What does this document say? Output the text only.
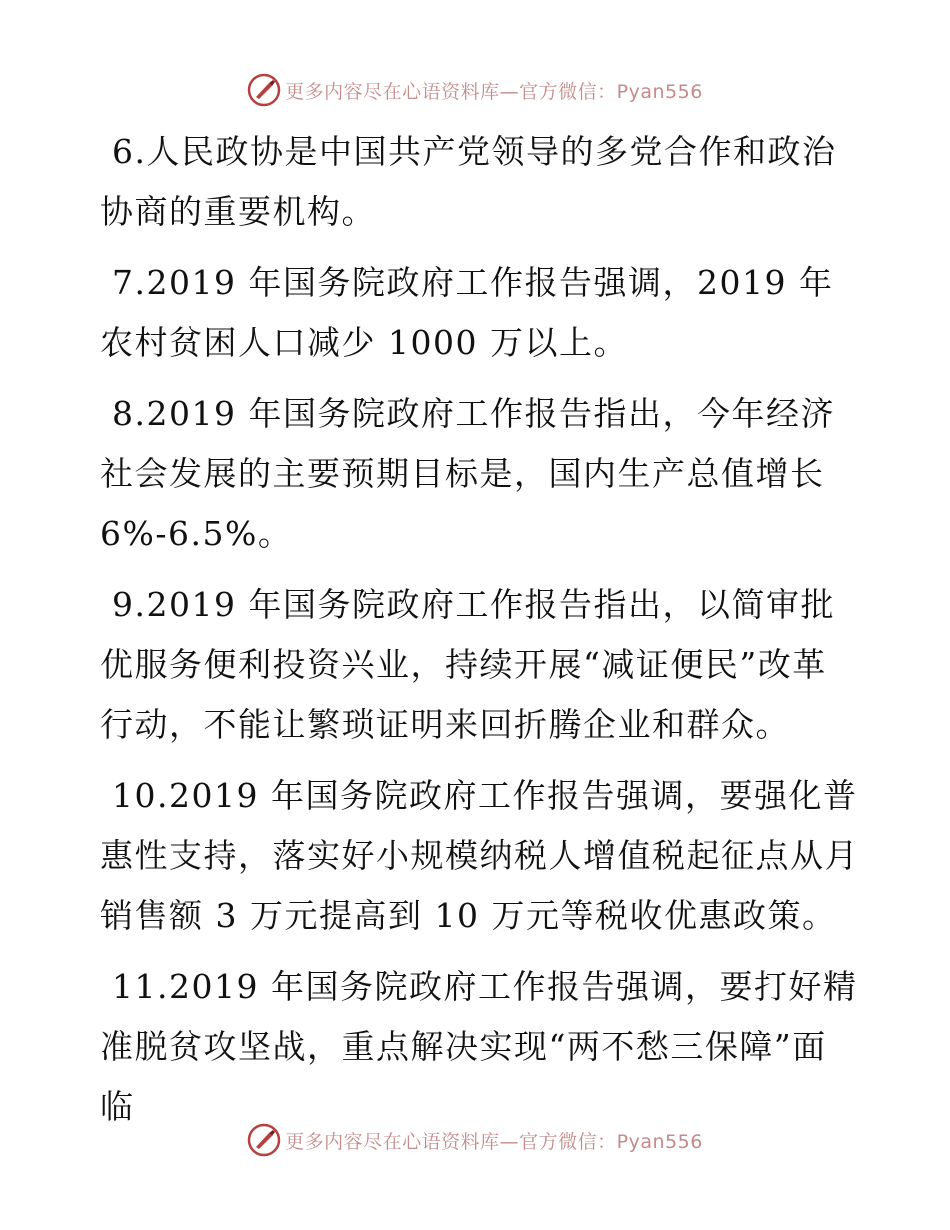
更多内容尽在心语资料库—官方微信：Pyan556

6.人民政协是中国共产党领导的多党合作和政治协商的重要机构。

7.2019 年国务院政府工作报告强调，2019 年农村贫困人口减少 1000 万以上。

8.2019 年国务院政府工作报告指出，今年经济社会发展的主要预期目标是，国内生产总值增长 6%-6.5%。

9.2019 年国务院政府工作报告指出，以简审批优服务便利投资兴业，持续开展“减证便民”改革行动，不能让繁琐证明来回折腾企业和群众。

10.2019 年国务院政府工作报告强调，要强化普惠性支持，落实好小规模纳税人增值税起征点从月销售额 3 万元提高到 10 万元等税收优惠政策。

11.2019 年国务院政府工作报告强调，要打好精准脱贫攻坚战，重点解决实现“两不愁三保障”面临

更多内容尽在心语资料库—官方微信：Pyan556
